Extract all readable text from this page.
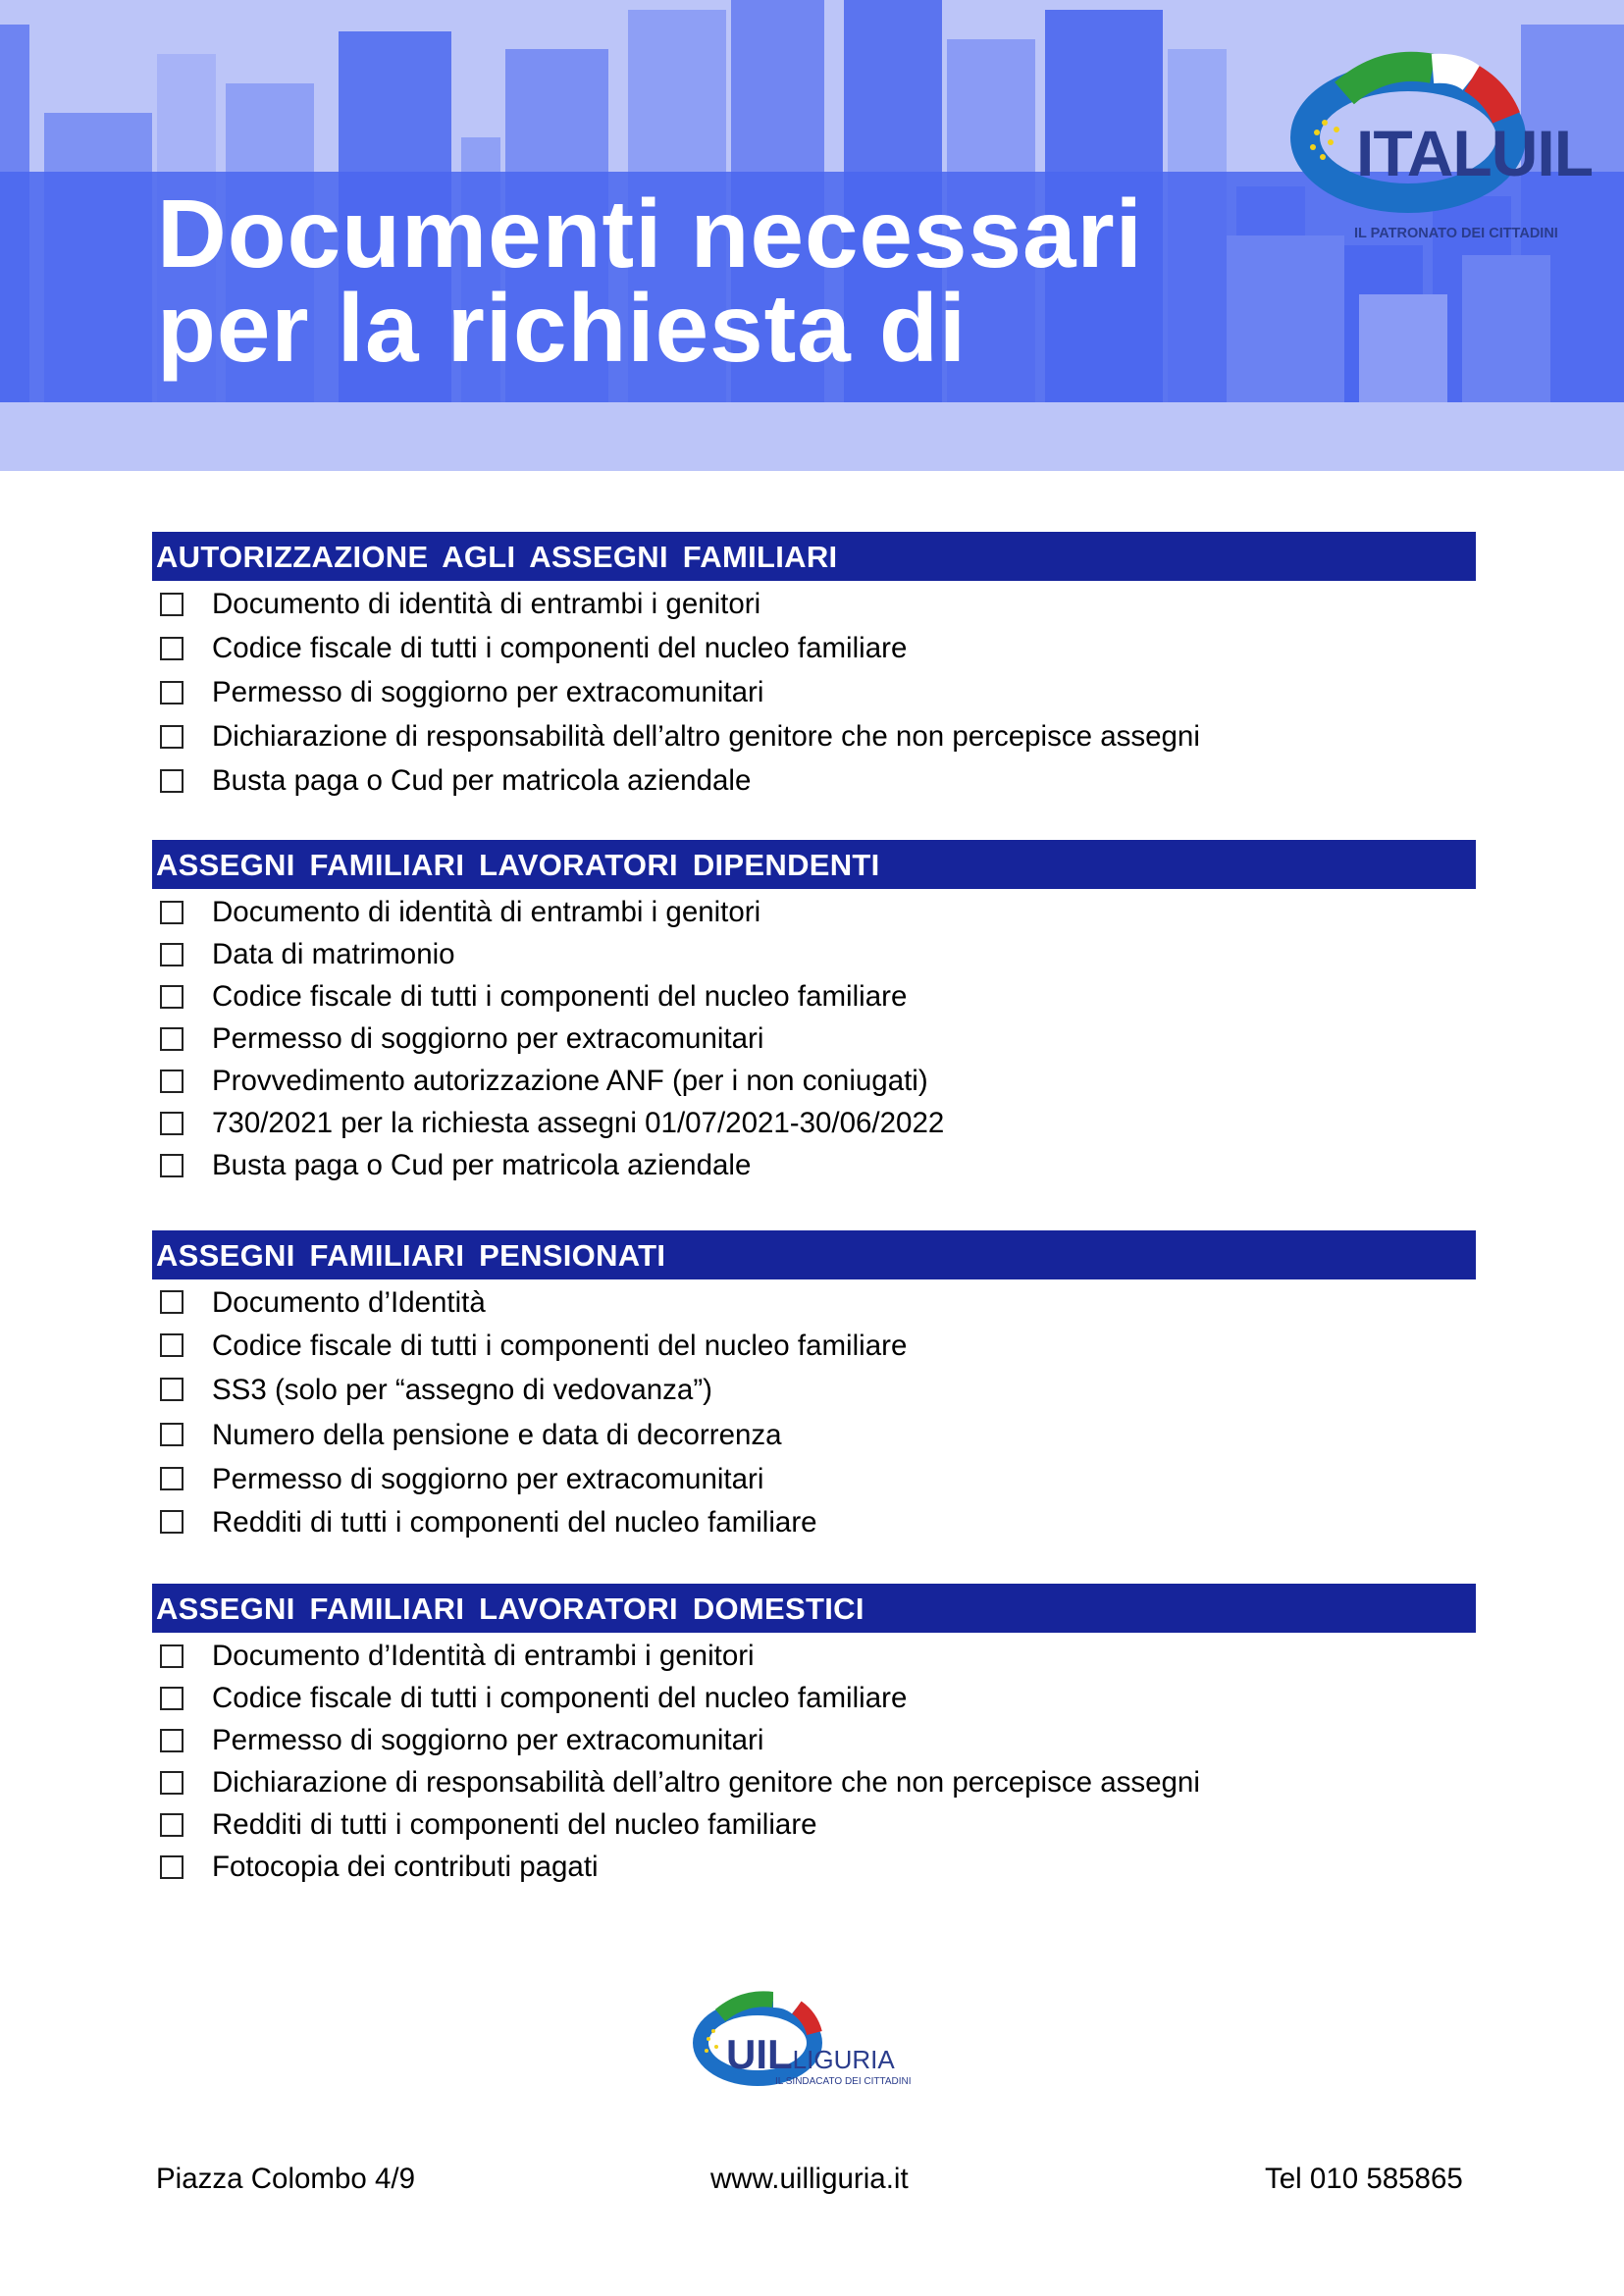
Documenti necessari
per la richiesta di
ITALUIL
IL PATRONATO DEI CITTADINI
AUTORIZZAZIONE AGLI ASSEGNI FAMILIARI
Documento di identità di entrambi i genitori
Codice fiscale di tutti i componenti del nucleo familiare
Permesso di soggiorno per extracomunitari
Dichiarazione di responsabilità dell’altro genitore che non percepisce assegni
Busta paga o Cud per matricola aziendale
ASSEGNI FAMILIARI LAVORATORI DIPENDENTI
Documento di identità di entrambi i genitori
Data di matrimonio
Codice fiscale di tutti i componenti del nucleo familiare
Permesso di soggiorno per extracomunitari
Provvedimento autorizzazione ANF (per i non coniugati)
730/2021 per la richiesta assegni 01/07/2021-30/06/2022
Busta paga o Cud per matricola aziendale
ASSEGNI FAMILIARI PENSIONATI
Documento d’Identità
Codice fiscale di tutti i componenti del nucleo familiare
SS3 (solo per “assegno di vedovanza”)
Numero della pensione e data di decorrenza
Permesso di soggiorno per extracomunitari
Redditi di tutti i componenti del nucleo familiare
ASSEGNI FAMILIARI LAVORATORI DOMESTICI
Documento d’Identità di entrambi i genitori
Codice fiscale di tutti i componenti del nucleo familiare
Permesso di soggiorno per extracomunitari
Dichiarazione di responsabilità dell’altro genitore che non percepisce assegni
Redditi di tutti i componenti del nucleo familiare
Fotocopia dei contributi pagati
UILLIGURIA
IL SINDACATO DEI CITTADINI
Piazza Colombo 4/9	www.uilliguria.it	Tel 010 585865
